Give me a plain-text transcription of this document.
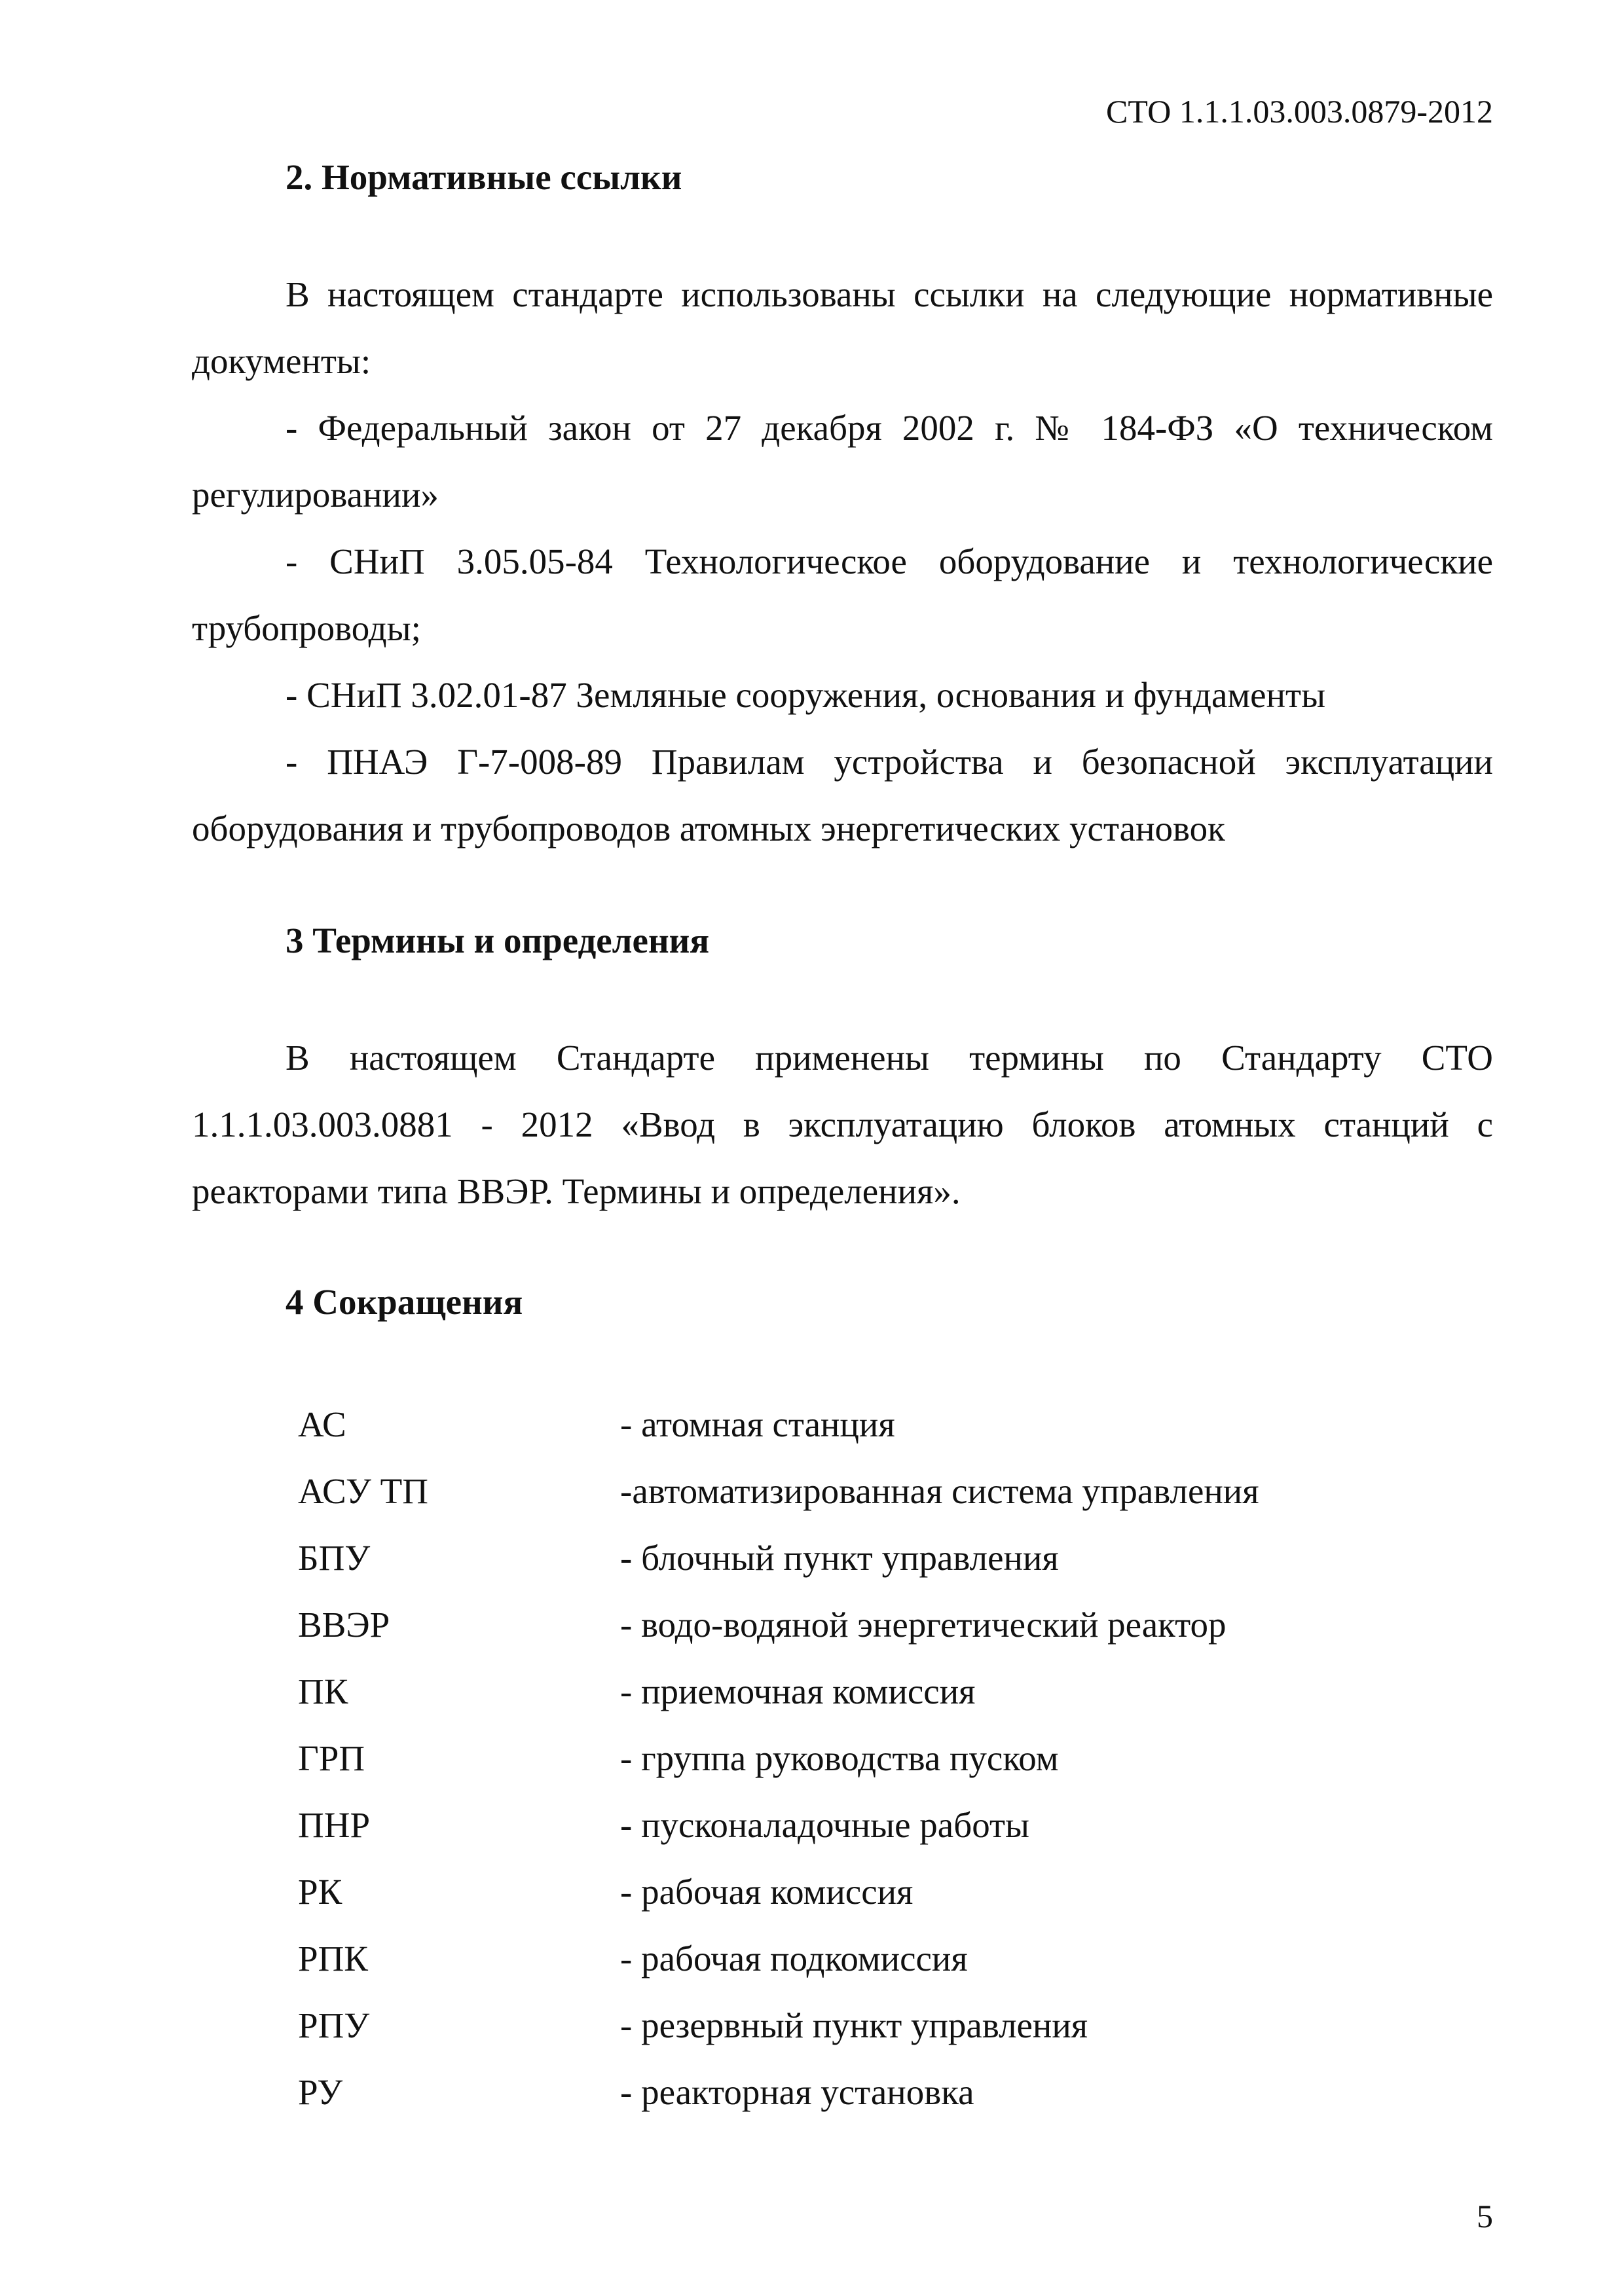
СТО 1.1.1.03.003.0879-2012
2. Нормативные ссылки
В настоящем стандарте использованы ссылки на следующие нормативные документы:
- Федеральный закон от 27 декабря 2002 г. № 184-ФЗ «О техническом регулировании»
- СНиП 3.05.05-84 Технологическое оборудование и технологические трубопроводы;
- СНиП 3.02.01-87 Земляные сооружения, основания и фундаменты
- ПНАЭ Г-7-008-89 Правилам устройства и безопасной эксплуатации оборудования и трубопроводов атомных энергетических установок
3 Термины и определения
В настоящем Стандарте применены термины по Стандарту СТО 1.1.1.03.003.0881 - 2012 «Ввод в эксплуатацию блоков атомных станций с реакторами типа ВВЭР. Термины и определения».
4 Сокращения
АС	- атомная станция
АСУ ТП	-автоматизированная система управления
БПУ	- блочный пункт управления
ВВЭР	- водо-водяной энергетический реактор
ПК	- приемочная комиссия
ГРП	- группа руководства пуском
ПНР	- пусконаладочные работы
РК	- рабочая комиссия
РПК	- рабочая подкомиссия
РПУ	- резервный пункт управления
РУ	- реакторная установка
5
